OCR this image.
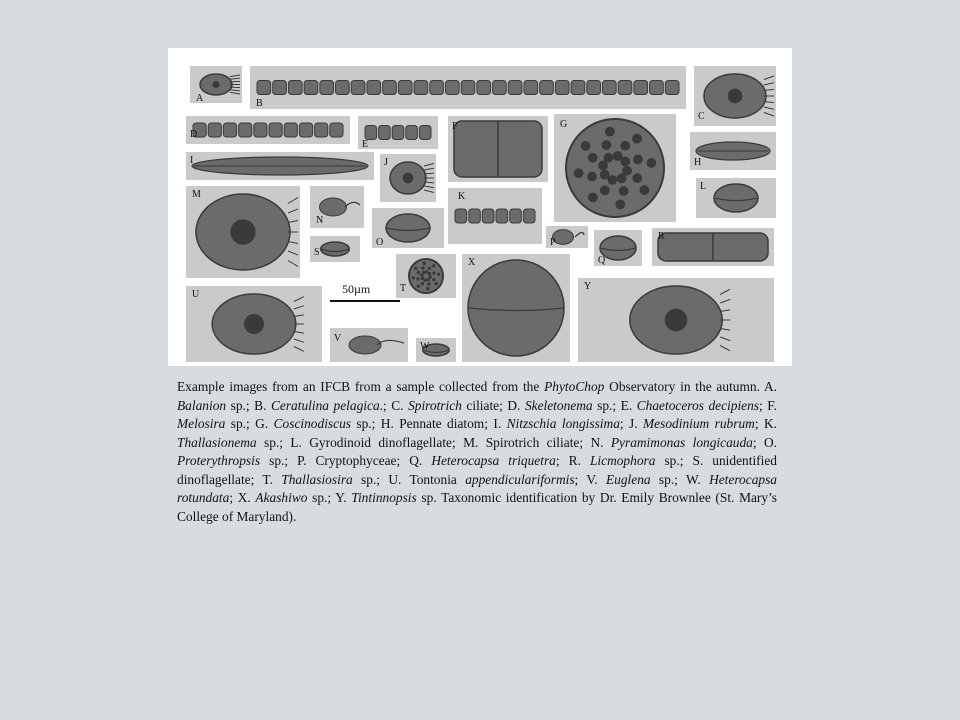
A	B
C
D
E
F	G
H
I	J
K
L
M
N
O	P
Q
R
S
T
U
V
W
X
Y
50µm
Example images from an IFCB from a sample collected from the PhytoChop Observatory in the autumn. A. Balanion sp.; B. Ceratulina pelagica.; C. Spirotrich ciliate; D. Skeletonema sp.; E. Chaetoceros decipiens; F. Melosira sp.; G. Coscinodiscus sp.; H. Pennate diatom; I. Nitzschia longissima; J. Mesodinium rubrum; K. Thallasionema sp.; L. Gyrodinoid dinoflagellate; M. Spirotrich ciliate; N. Pyramimonas longicauda; O. Proterythropsis sp.; P. Cryptophyceae; Q. Heterocapsa triquetra; R. Licmophora sp.; S. unidentified dinoflagellate; T. Thallasiosira sp.; U. Tontonia appendiculariformis; V. Euglena sp.; W. Heterocapsa rotundata; X. Akashiwo sp.; Y. Tintinnopsis sp. Taxonomic identification by Dr. Emily Brownlee (St. Mary’s College of Maryland).
